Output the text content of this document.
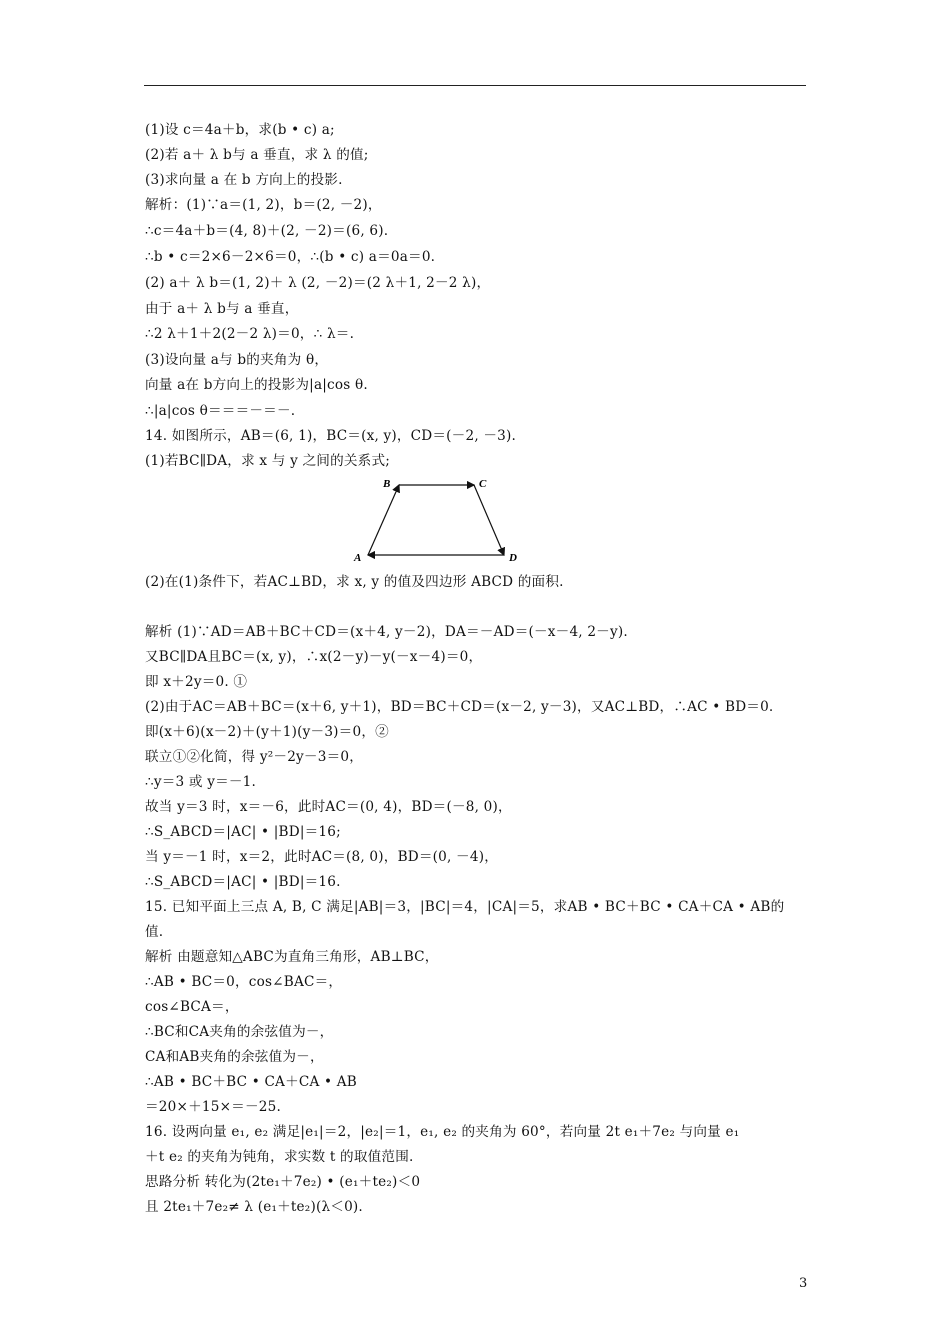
(1)设 c＝4a＋b，求(b • c) a;
(2)若 a＋ λ b与 a 垂直，求 λ 的值;
(3)求向量 a 在 b 方向上的投影.
解析：(1)∵a＝(1, 2)，b＝(2, －2)，
∴c＝4a＋b＝(4, 8)＋(2, －2)＝(6, 6).
∴b • c＝2×6－2×6＝0，∴(b • c) a＝0a＝0.
(2) a＋ λ b＝(1, 2)＋ λ (2, －2)＝(2 λ＋1, 2－2 λ)，
由于 a＋ λ b与 a 垂直，
∴2 λ＋1＋2(2－2 λ)＝0，∴ λ＝.
(3)设向量 a与 b的夹角为 θ，
向量 a在 b方向上的投影为|a|cos θ.
∴|a|cos θ＝＝＝－＝－.
14. 如图所示，AB＝(6, 1)，BC＝(x, y)，CD＝(－2, －3).
(1)若BC∥DA，求 x 与 y 之间的关系式;
B	C
A	D
(2)在(1)条件下，若AC⊥BD，求 x, y 的值及四边形 ABCD 的面积.
解析 (1)∵AD＝AB＋BC＋CD＝(x＋4, y－2)，DA＝－AD＝(－x－4, 2－y).
又BC∥DA且BC＝(x, y)，∴x(2－y)－y(－x－4)＝0，
即 x＋2y＝0. ①
(2)由于AC＝AB＋BC＝(x＋6, y＋1)，BD＝BC＋CD＝(x－2, y－3)，又AC⊥BD，∴AC • BD＝0.
即(x＋6)(x－2)＋(y＋1)(y－3)＝0，②
联立①②化简，得 y²－2y－3＝0，
∴y＝3 或 y＝－1.
故当 y＝3 时，x＝－6，此时AC＝(0, 4)，BD＝(－8, 0)，
∴S_ABCD＝|AC| • |BD|＝16;
当 y＝－1 时，x＝2，此时AC＝(8, 0)，BD＝(0, －4)，
∴S_ABCD＝|AC| • |BD|＝16.
15. 已知平面上三点 A, B, C 满足|AB|＝3，|BC|＝4，|CA|＝5，求AB • BC＋BC • CA＋CA • AB的
值.
解析 由题意知△ABC为直角三角形，AB⊥BC，
∴AB • BC＝0，cos∠BAC＝，
cos∠BCA＝，
∴BC和CA夹角的余弦值为－，
CA和AB夹角的余弦值为－，
∴AB • BC＋BC • CA＋CA • AB
＝20×＋15×＝－25.
16. 设两向量 e₁, e₂ 满足|e₁|＝2，|e₂|＝1，e₁, e₂ 的夹角为 60°，若向量 2t e₁＋7e₂ 与向量 e₁
＋t e₂ 的夹角为钝角，求实数 t 的取值范围.
思路分析 转化为(2te₁＋7e₂) • (e₁＋te₂)＜0
且 2te₁＋7e₂≠ λ (e₁＋te₂)(λ＜0).
3
